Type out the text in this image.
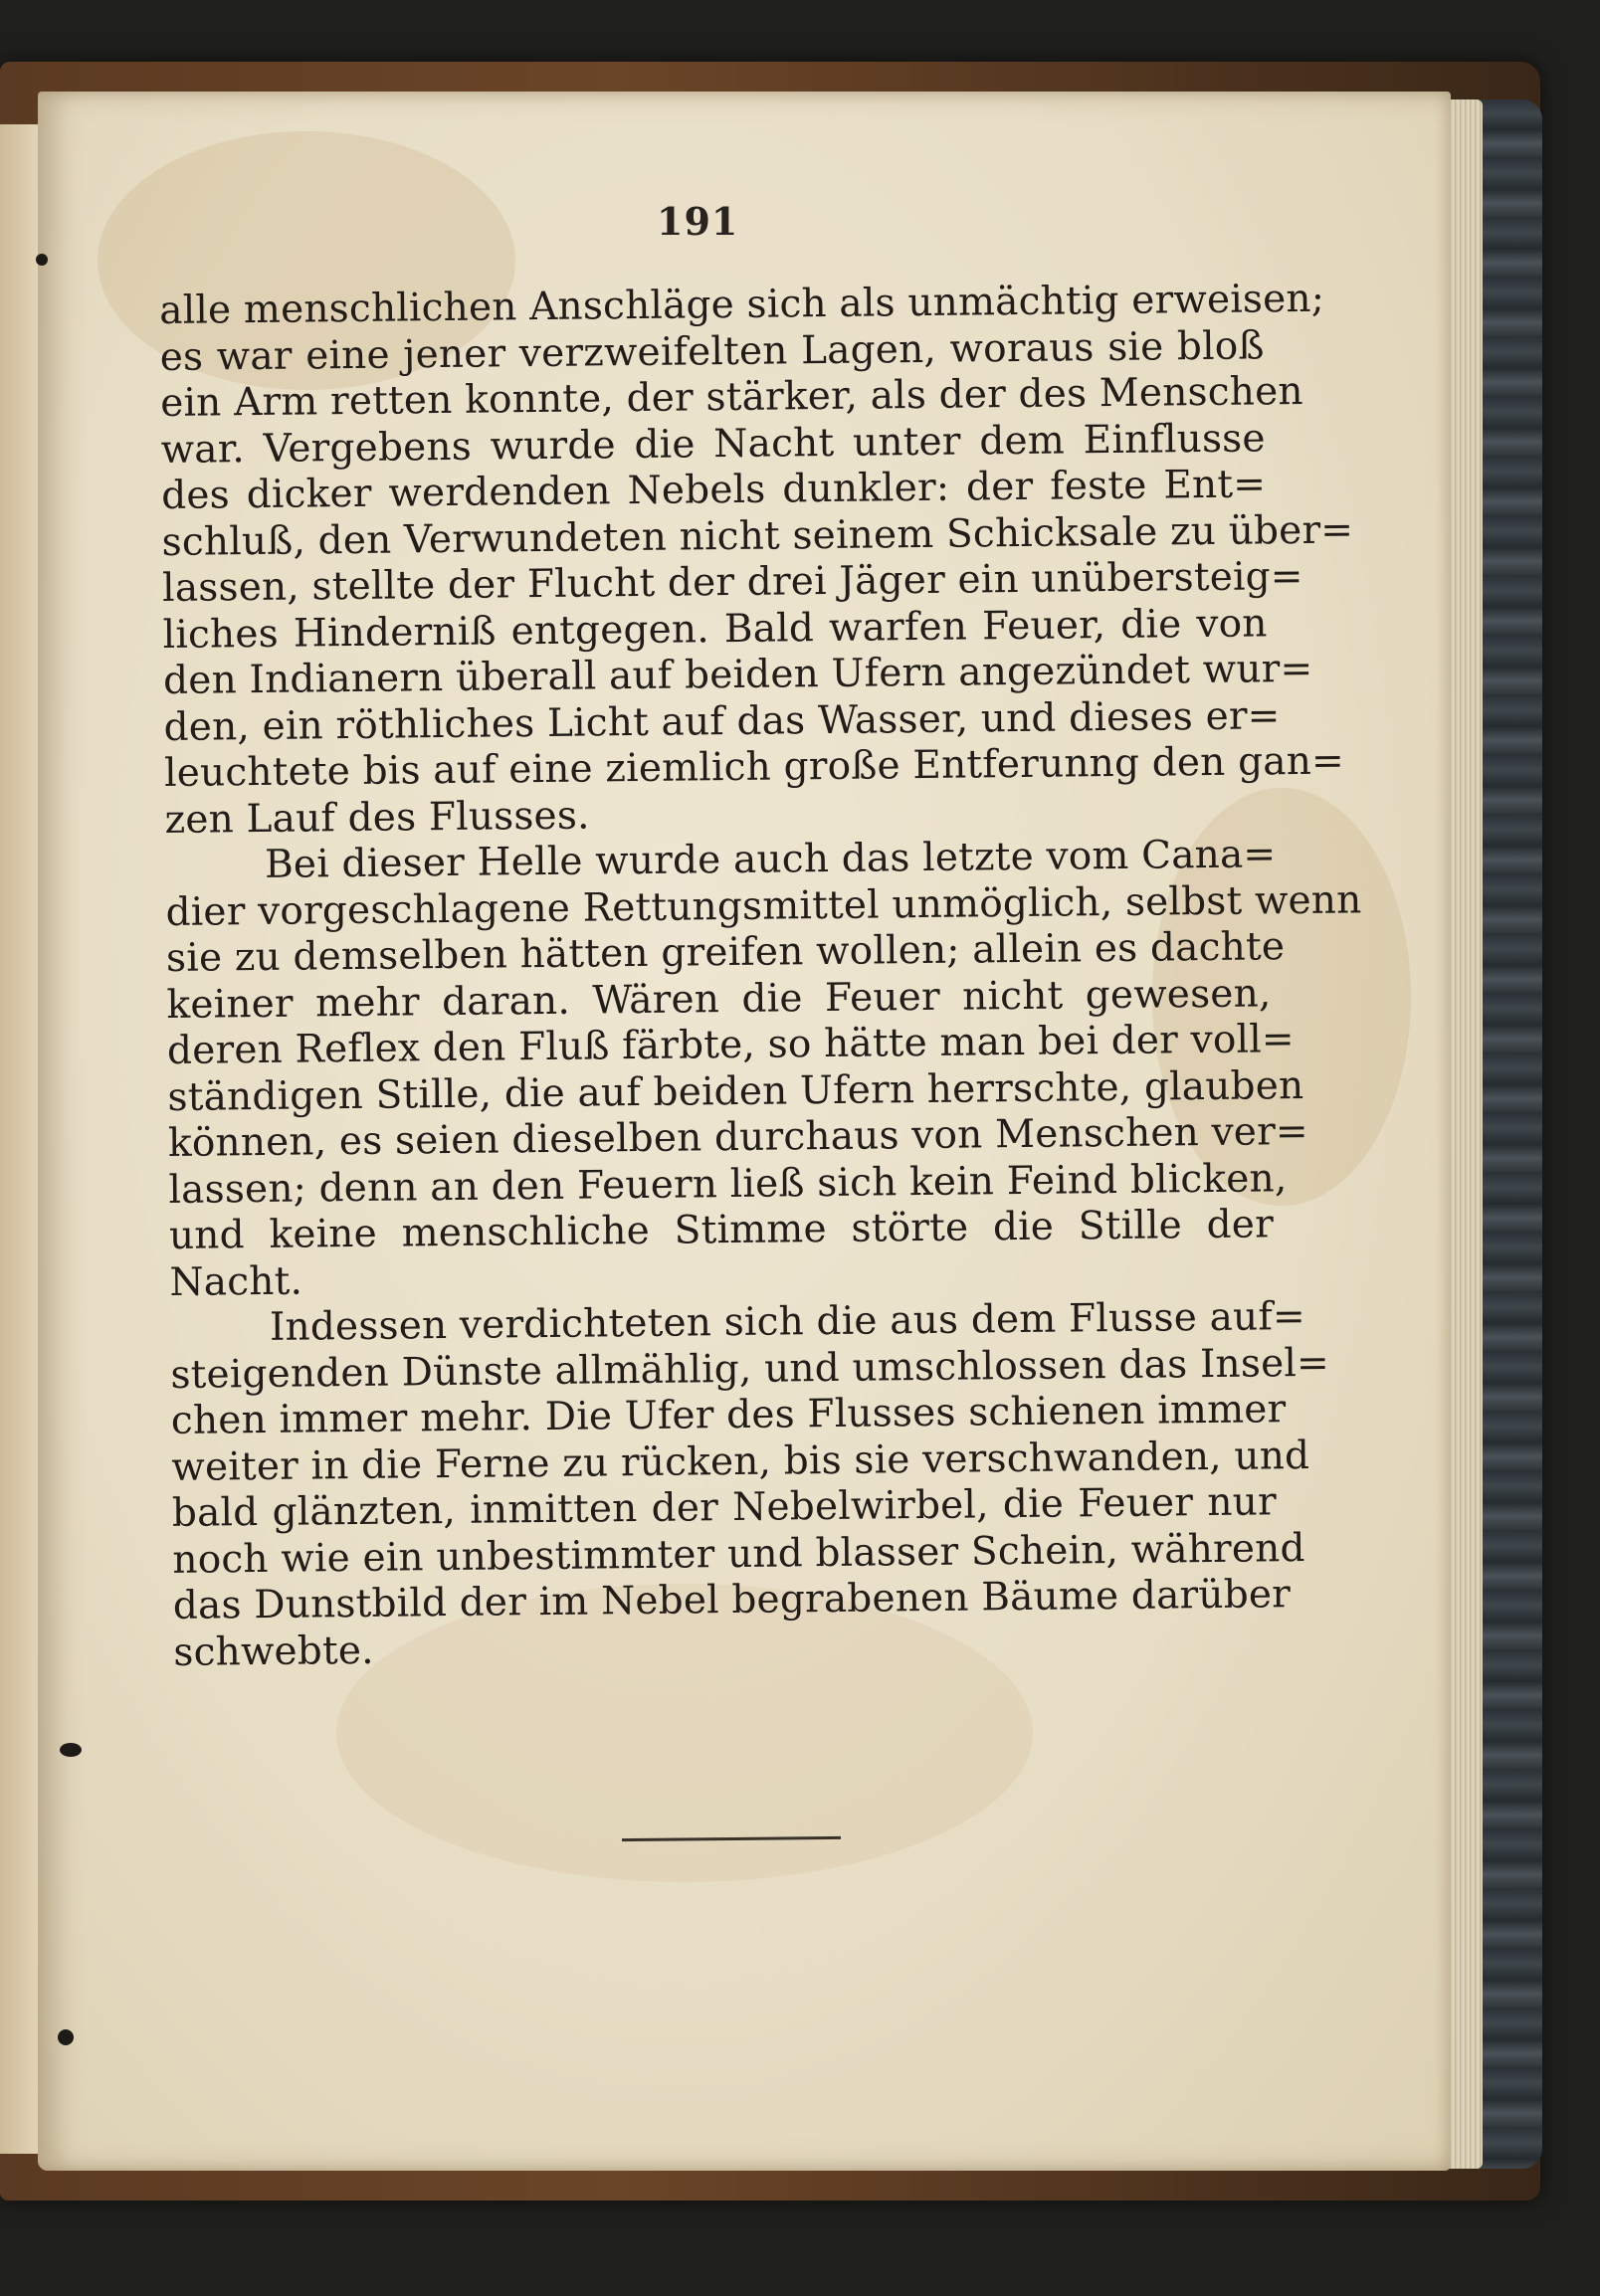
191
alle menschlichen Anschläge sich als unmächtig erweisen;
es war eine jener verzweifelten Lagen, woraus sie bloß
ein Arm retten konnte, der stärker, als der des Menschen
war. Vergebens wurde die Nacht unter dem Einflusse
des dicker werdenden Nebels dunkler: der feste Ent=
schluß, den Verwundeten nicht seinem Schicksale zu über=
lassen, stellte der Flucht der drei Jäger ein unübersteig=
liches Hinderniß entgegen. Bald warfen Feuer, die von
den Indianern überall auf beiden Ufern angezündet wur=
den, ein röthliches Licht auf das Wasser, und dieses er=
leuchtete bis auf eine ziemlich große Entferunng den gan=
zen Lauf des Flusses.
Bei dieser Helle wurde auch das letzte vom Cana=
dier vorgeschlagene Rettungsmittel unmöglich, selbst wenn
sie zu demselben hätten greifen wollen; allein es dachte
keiner mehr daran. Wären die Feuer nicht gewesen,
deren Reflex den Fluß färbte, so hätte man bei der voll=
ständigen Stille, die auf beiden Ufern herrschte, glauben
können, es seien dieselben durchaus von Menschen ver=
lassen; denn an den Feuern ließ sich kein Feind blicken,
und keine menschliche Stimme störte die Stille der
Nacht.
Indessen verdichteten sich die aus dem Flusse auf=
steigenden Dünste allmählig, und umschlossen das Insel=
chen immer mehr. Die Ufer des Flusses schienen immer
weiter in die Ferne zu rücken, bis sie verschwanden, und
bald glänzten, inmitten der Nebelwirbel, die Feuer nur
noch wie ein unbestimmter und blasser Schein, während
das Dunstbild der im Nebel begrabenen Bäume darüber
schwebte.
